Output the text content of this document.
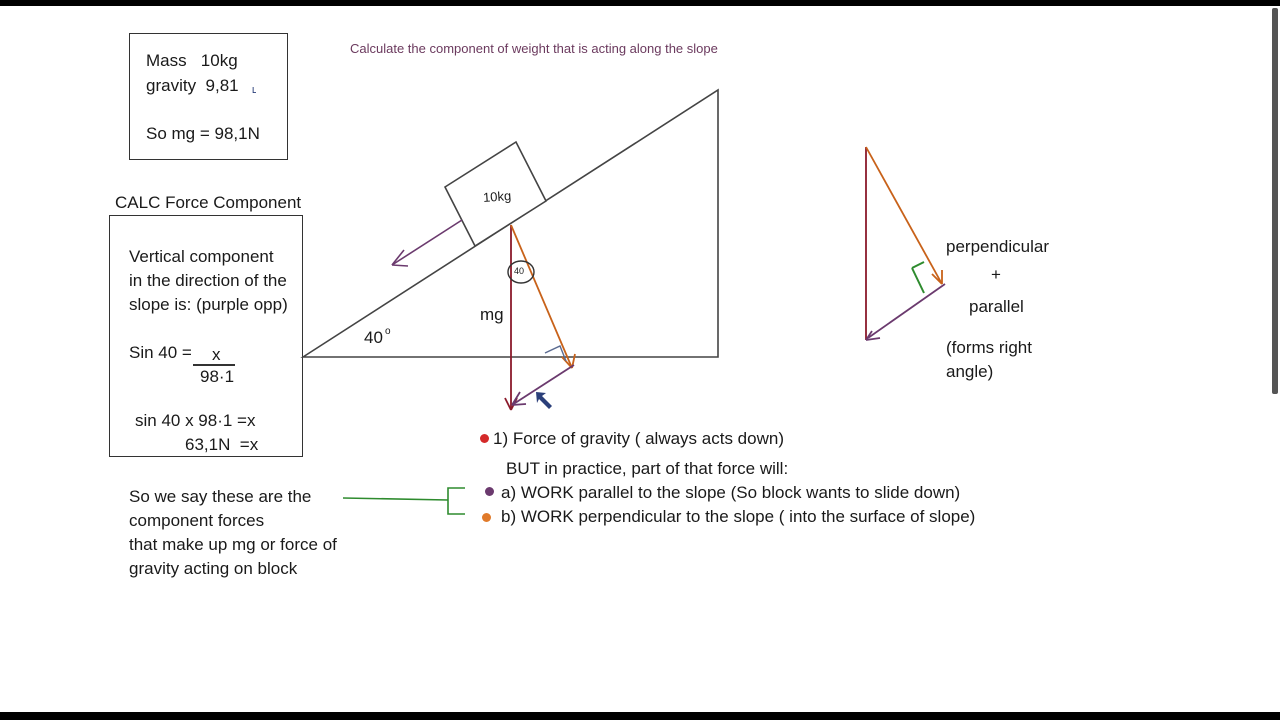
Calculate the component of weight that is acting along the slope
Mass   10kg
gravity  9,81 ˪
So mg = 98,1N
CALC Force Component
Vertical component
in the direction of the
slope is: (purple opp)
Sin 40 = x
98·1
sin 40 x 98·1 =x
63,1N  =x
10kg
40 o
mg
40
perpendicular
+
parallel
(forms right
angle)
1) Force of gravity ( always acts down)
BUT in practice, part of that force will:
a) WORK parallel to the slope (So block wants to slide down)
b) WORK perpendicular to the slope ( into the surface of slope)
So we say these are the
component forces
that make up mg or force of
gravity acting on block
